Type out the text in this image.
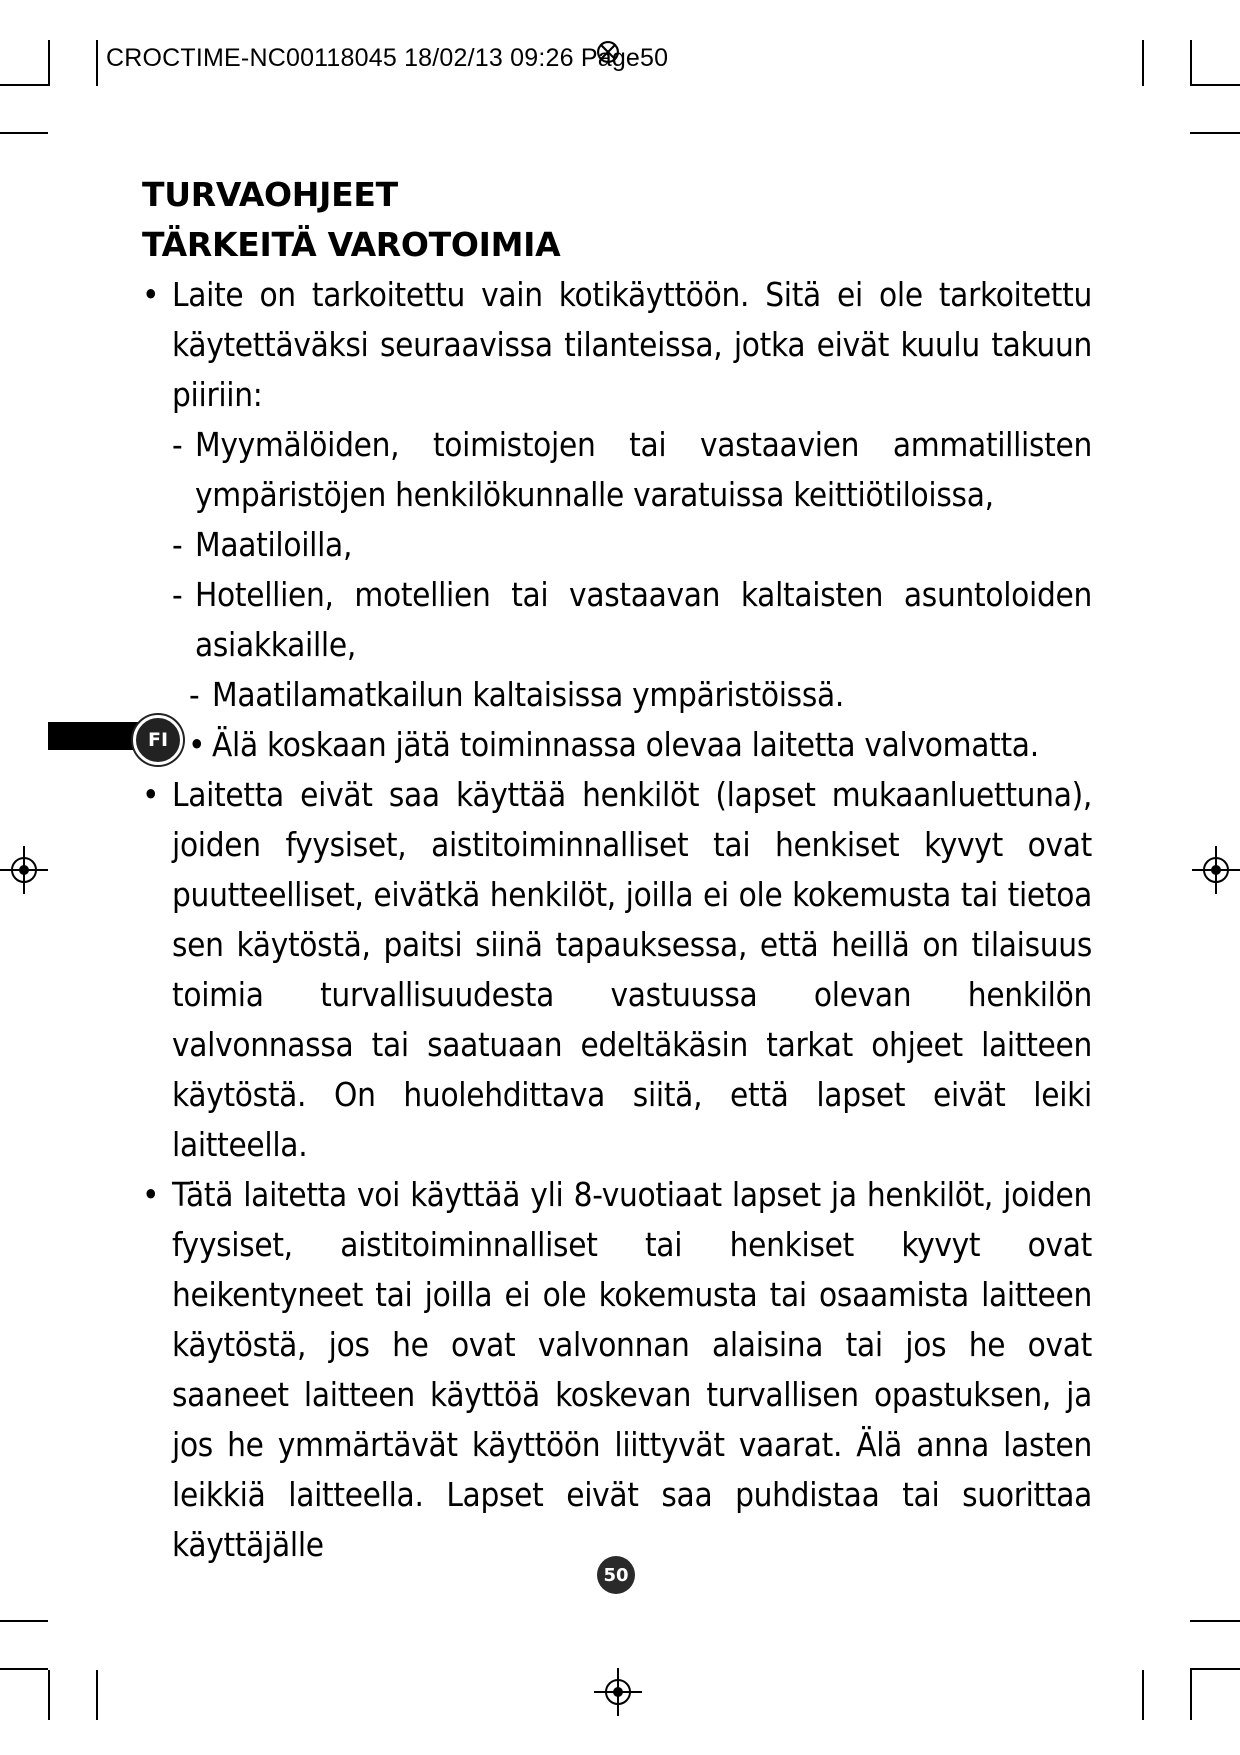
CROCTIME-NC00118045 18/02/13 09:26 Page50
FI
TURVAOHJEET
TÄRKEITÄ VAROTOIMIA

• Laite on tarkoitettu vain kotikäyttöön. Sitä ei ole tarkoitettu käytettäväksi seuraavissa tilanteissa, jotka eivät kuulu takuun piiriin:

- Myymälöiden, toimistojen tai vastaavien ammatillisten ympäristöjen henkilökunnalle varatuissa keittiötiloissa,

- Maatiloilla,

- Hotellien, motellien tai vastaavan kaltaisten asuntoloiden asiakkaille,

- Maatilamatkailun kaltaisissa ympäristöissä.

• Älä koskaan jätä toiminnassa olevaa laitetta valvomatta.

• Laitetta eivät saa käyttää henkilöt (lapset mukaanluettuna), joiden fyysiset, aistitoiminnalliset tai henkiset kyvyt ovat puutteelliset, eivätkä henkilöt, joilla ei ole kokemusta tai tietoa sen käytöstä, paitsi siinä tapauksessa, että heillä on tilaisuus toimia turvallisuudesta vastuussa olevan henkilön valvonnassa tai saatuaan edeltäkäsin tarkat ohjeet laitteen käytöstä. On huolehdittava siitä, että lapset eivät leiki laitteella.

• Tätä laitetta voi käyttää yli 8-vuotiaat lapset ja henkilöt, joiden fyysiset, aistitoiminnalliset tai henkiset kyvyt ovat heikentyneet tai joilla ei ole kokemusta tai osaamista laitteen käytöstä, jos he ovat valvonnan alaisina tai jos he ovat saaneet laitteen käyttöä koskevan turvallisen opastuksen, ja jos he ymmärtävät käyttöön liittyvät vaarat. Älä anna lasten leikkiä laitteella. Lapset eivät saa puhdistaa tai suorittaa käyttäjälle

50
